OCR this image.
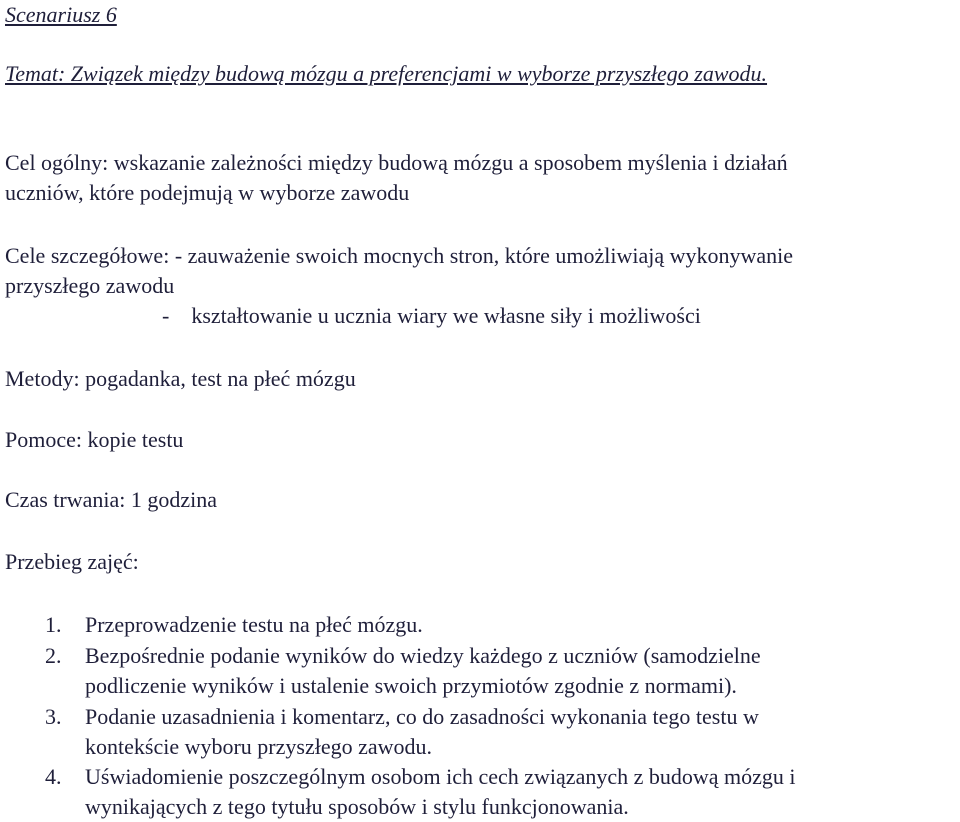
Scenariusz 6
Temat: Związek między budową mózgu a preferencjami w wyborze przyszłego zawodu.
Cel ogólny: wskazanie zależności między budową mózgu a sposobem myślenia i działań
uczniów, które podejmują w wyborze zawodu
Cele szczegółowe: - zauważenie swoich mocnych stron, które umożliwiają wykonywanie
przyszłego zawodu
-    kształtowanie u ucznia wiary we własne siły i możliwości
Metody: pogadanka, test na płeć mózgu
Pomoce: kopie testu
Czas trwania: 1 godzina
Przebieg zajęć:
1.	Przeprowadzenie testu na płeć mózgu.
2.	Bezpośrednie podanie wyników do wiedzy każdego z uczniów (samodzielne
podliczenie wyników i ustalenie swoich przymiotów zgodnie z normami).
3.	Podanie uzasadnienia i komentarz, co do zasadności wykonania tego testu w
kontekście wyboru przyszłego zawodu.
4.	Uświadomienie poszczególnym osobom ich cech związanych z budową mózgu i
wynikających z tego tytułu sposobów i stylu funkcjonowania.
